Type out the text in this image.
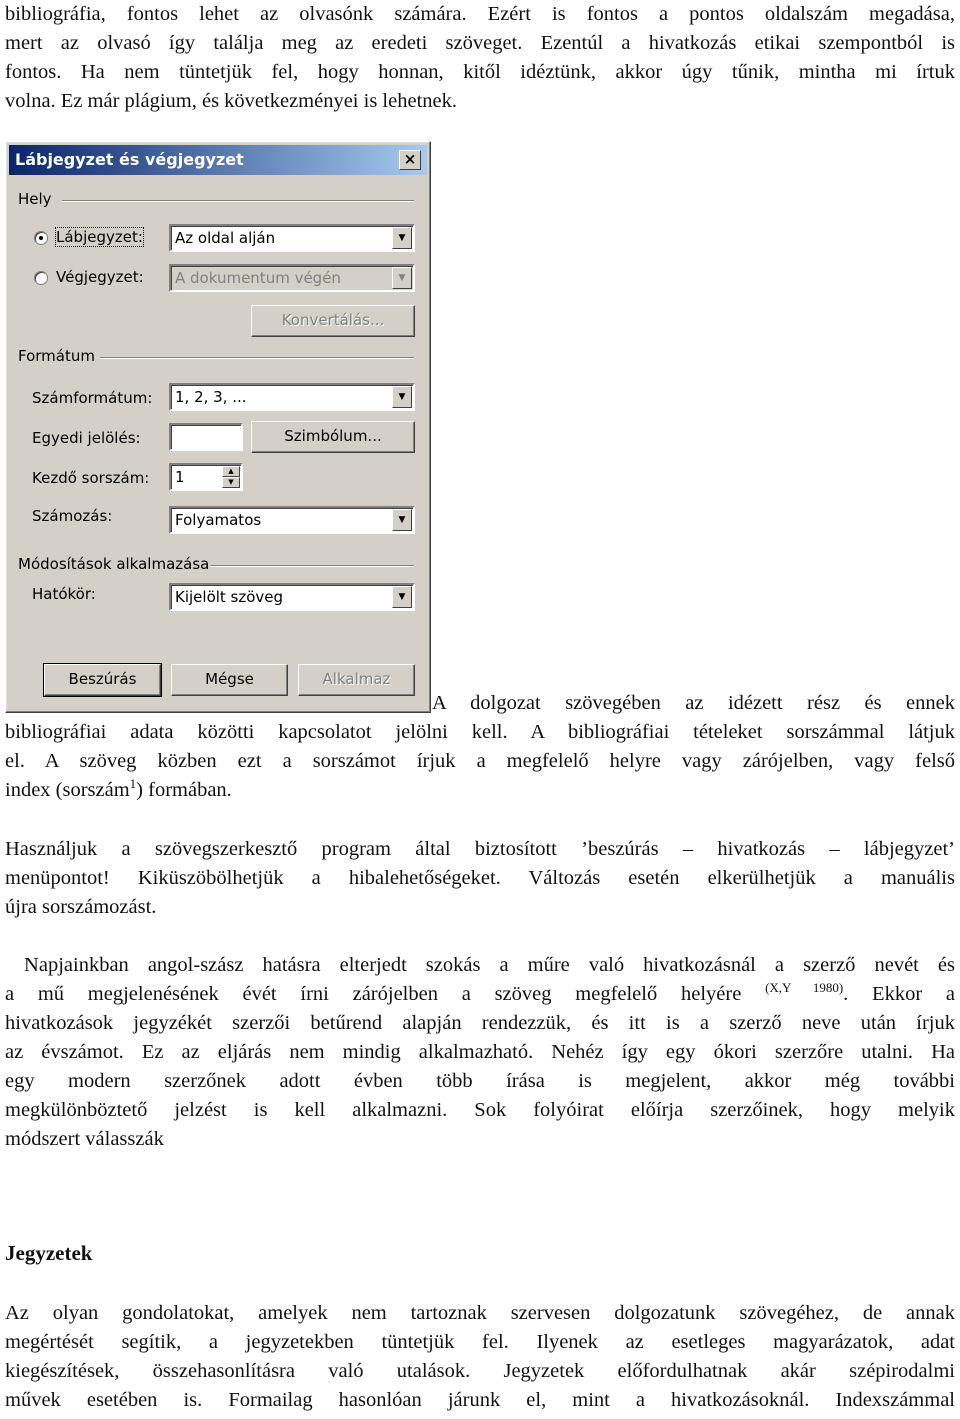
bibliográfia, fontos lehet az olvasónk számára. Ezért is fontos a pontos oldalszám megadása,
mert az olvasó így találja meg az eredeti szöveget. Ezentúl a hivatkozás etikai szempontból is
fontos. Ha nem tüntetjük fel, hogy honnan, kitől idéztünk, akkor úgy tűnik, mintha mi írtuk
volna. Ez már plágium, és következményei is lehetnek.
Lábjegyzet és végjegyzet	×
Hely
Lábjegyzet: Az oldal alján	▼
Végjegyzet: A dokumentum végén	▼
Konvertálás...
Formátum
Számformátum: 1, 2, 3, ...	▼
Egyedi jelölés:	Szimbólum...
Kezdő sorszám: 1	▲
▼
Számozás:	Folyamatos	▼
Módosítások alkalmazása
Hatókör:	Kijelölt szöveg	▼
Beszúrás	Mégse	Alkalmaz
A dolgozat szövegében az idézett rész és ennek
bibliográfiai adata közötti kapcsolatot jelölni kell. A bibliográfiai tételeket sorszámmal látjuk
el. A szöveg közben ezt a sorszámot írjuk a megfelelő helyre vagy zárójelben, vagy felső
index (sorszám$^1$) formában.
Használjuk a szövegszerkesztő program által biztosított ’beszúrás – hivatkozás – lábjegyzet’
menüpontot! Kiküszöbölhetjük a hibalehetőségeket. Változás esetén elkerülhetjük a manuális
újra sorszámozást.
Napjainkban angol-szász hatásra elterjedt szokás a műre való hivatkozásnál a szerző nevét és
a mű megjelenésének évét írni zárójelben a szöveg megfelelő helyére $^{(X,Y 1980)}$. Ekkor a
hivatkozások jegyzékét szerzői betűrend alapján rendezzük, és itt is a szerző neve után írjuk
az évszámot. Ez az eljárás nem mindig alkalmazható. Nehéz így egy ókori szerzőre utalni. Ha
egy modern szerzőnek adott évben több írása is megjelent, akkor még további
megkülönböztető jelzést is kell alkalmazni. Sok folyóirat előírja szerzőinek, hogy melyik
módszert válasszák
Jegyzetek
Az olyan gondolatokat, amelyek nem tartoznak szervesen dolgozatunk szövegéhez, de annak
megértését segítik, a jegyzetekben tüntetjük fel. Ilyenek az esetleges magyarázatok, adat
kiegészítések, összehasonlításra való utalások. Jegyzetek előfordulhatnak akár szépirodalmi
művek esetében is. Formailag hasonlóan járunk el, mint a hivatkozásoknál. Indexszámmal
